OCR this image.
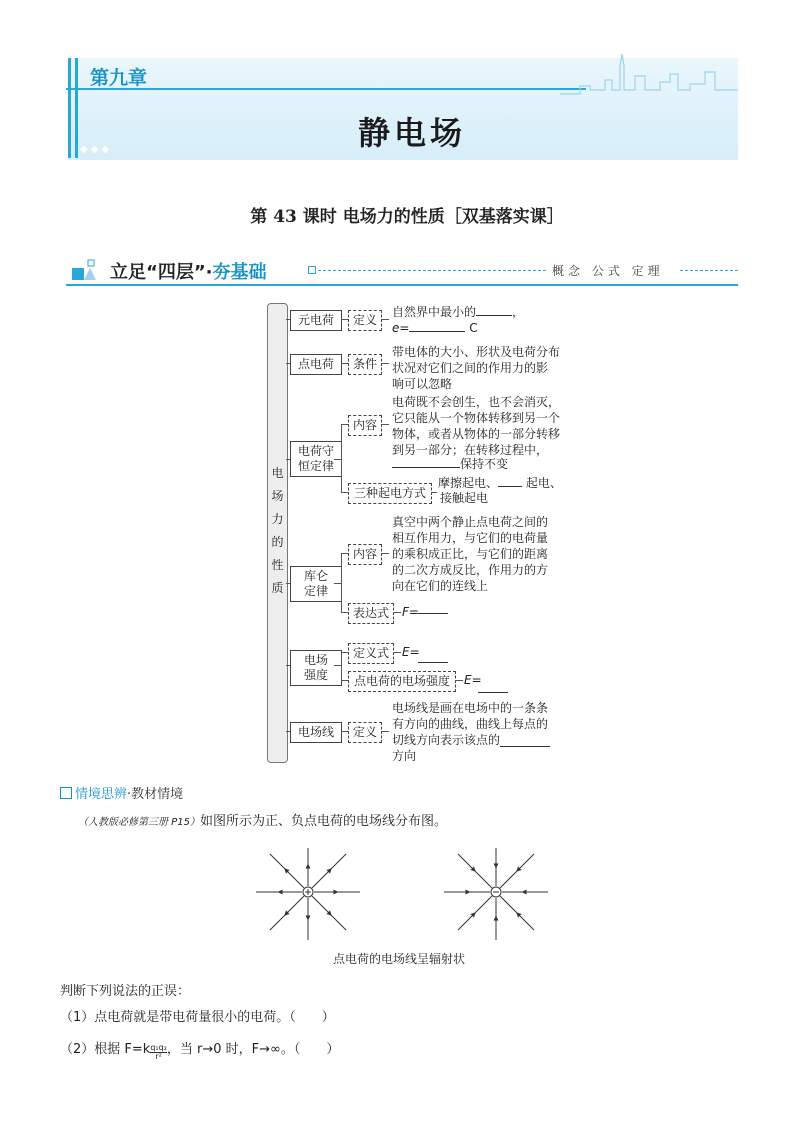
第九章
静电场
◆◆◆
第 43 课时 电场力的性质［双基落实课］
立足“四层”·夯基础	概念 公式 定理
电
场
力
的
性
质
元电荷	定义
自然界中最小的	，
e=	C
点电荷	条件
带电体的大小、形状及电荷分布
状况对它们之间的作用力的影
响可以忽略
电荷守
恒定律
内容
电荷既不会创生，也不会消灭，
它只能从一个物体转移到另一个
物体，或者从物体的一部分转移
到另一部分；在转移过程中，
保持不变
三种起电方式
摩擦起电、 起电、
接触起电
库仑
定律
内容
真空中两个静止点电荷之间的
相互作用力，与它们的电荷量
的乘积成正比，与它们的距离
的二次方成反比，作用力的方
向在它们的连线上
表达式	F=
电场
强度
定义式	E=
点电荷的电场强度	E=
电场线	定义
电场线是画在电场中的一条条
有方向的曲线，曲线上每点的
切线方向表示该点的
方向
情境思辨·教材情境
（人教版必修第三册 P15）如图所示为正、负点电荷的电场线分布图。
点电荷的电场线呈辐射状
判断下列说法的正误：
（1）点电荷就是带电荷量很小的电荷。（　　）
（2）根据 $F=k \frac{\text{q₁q₂}}{\text{r²}}$ ，当 r→0 时，F→∞。（　　）
